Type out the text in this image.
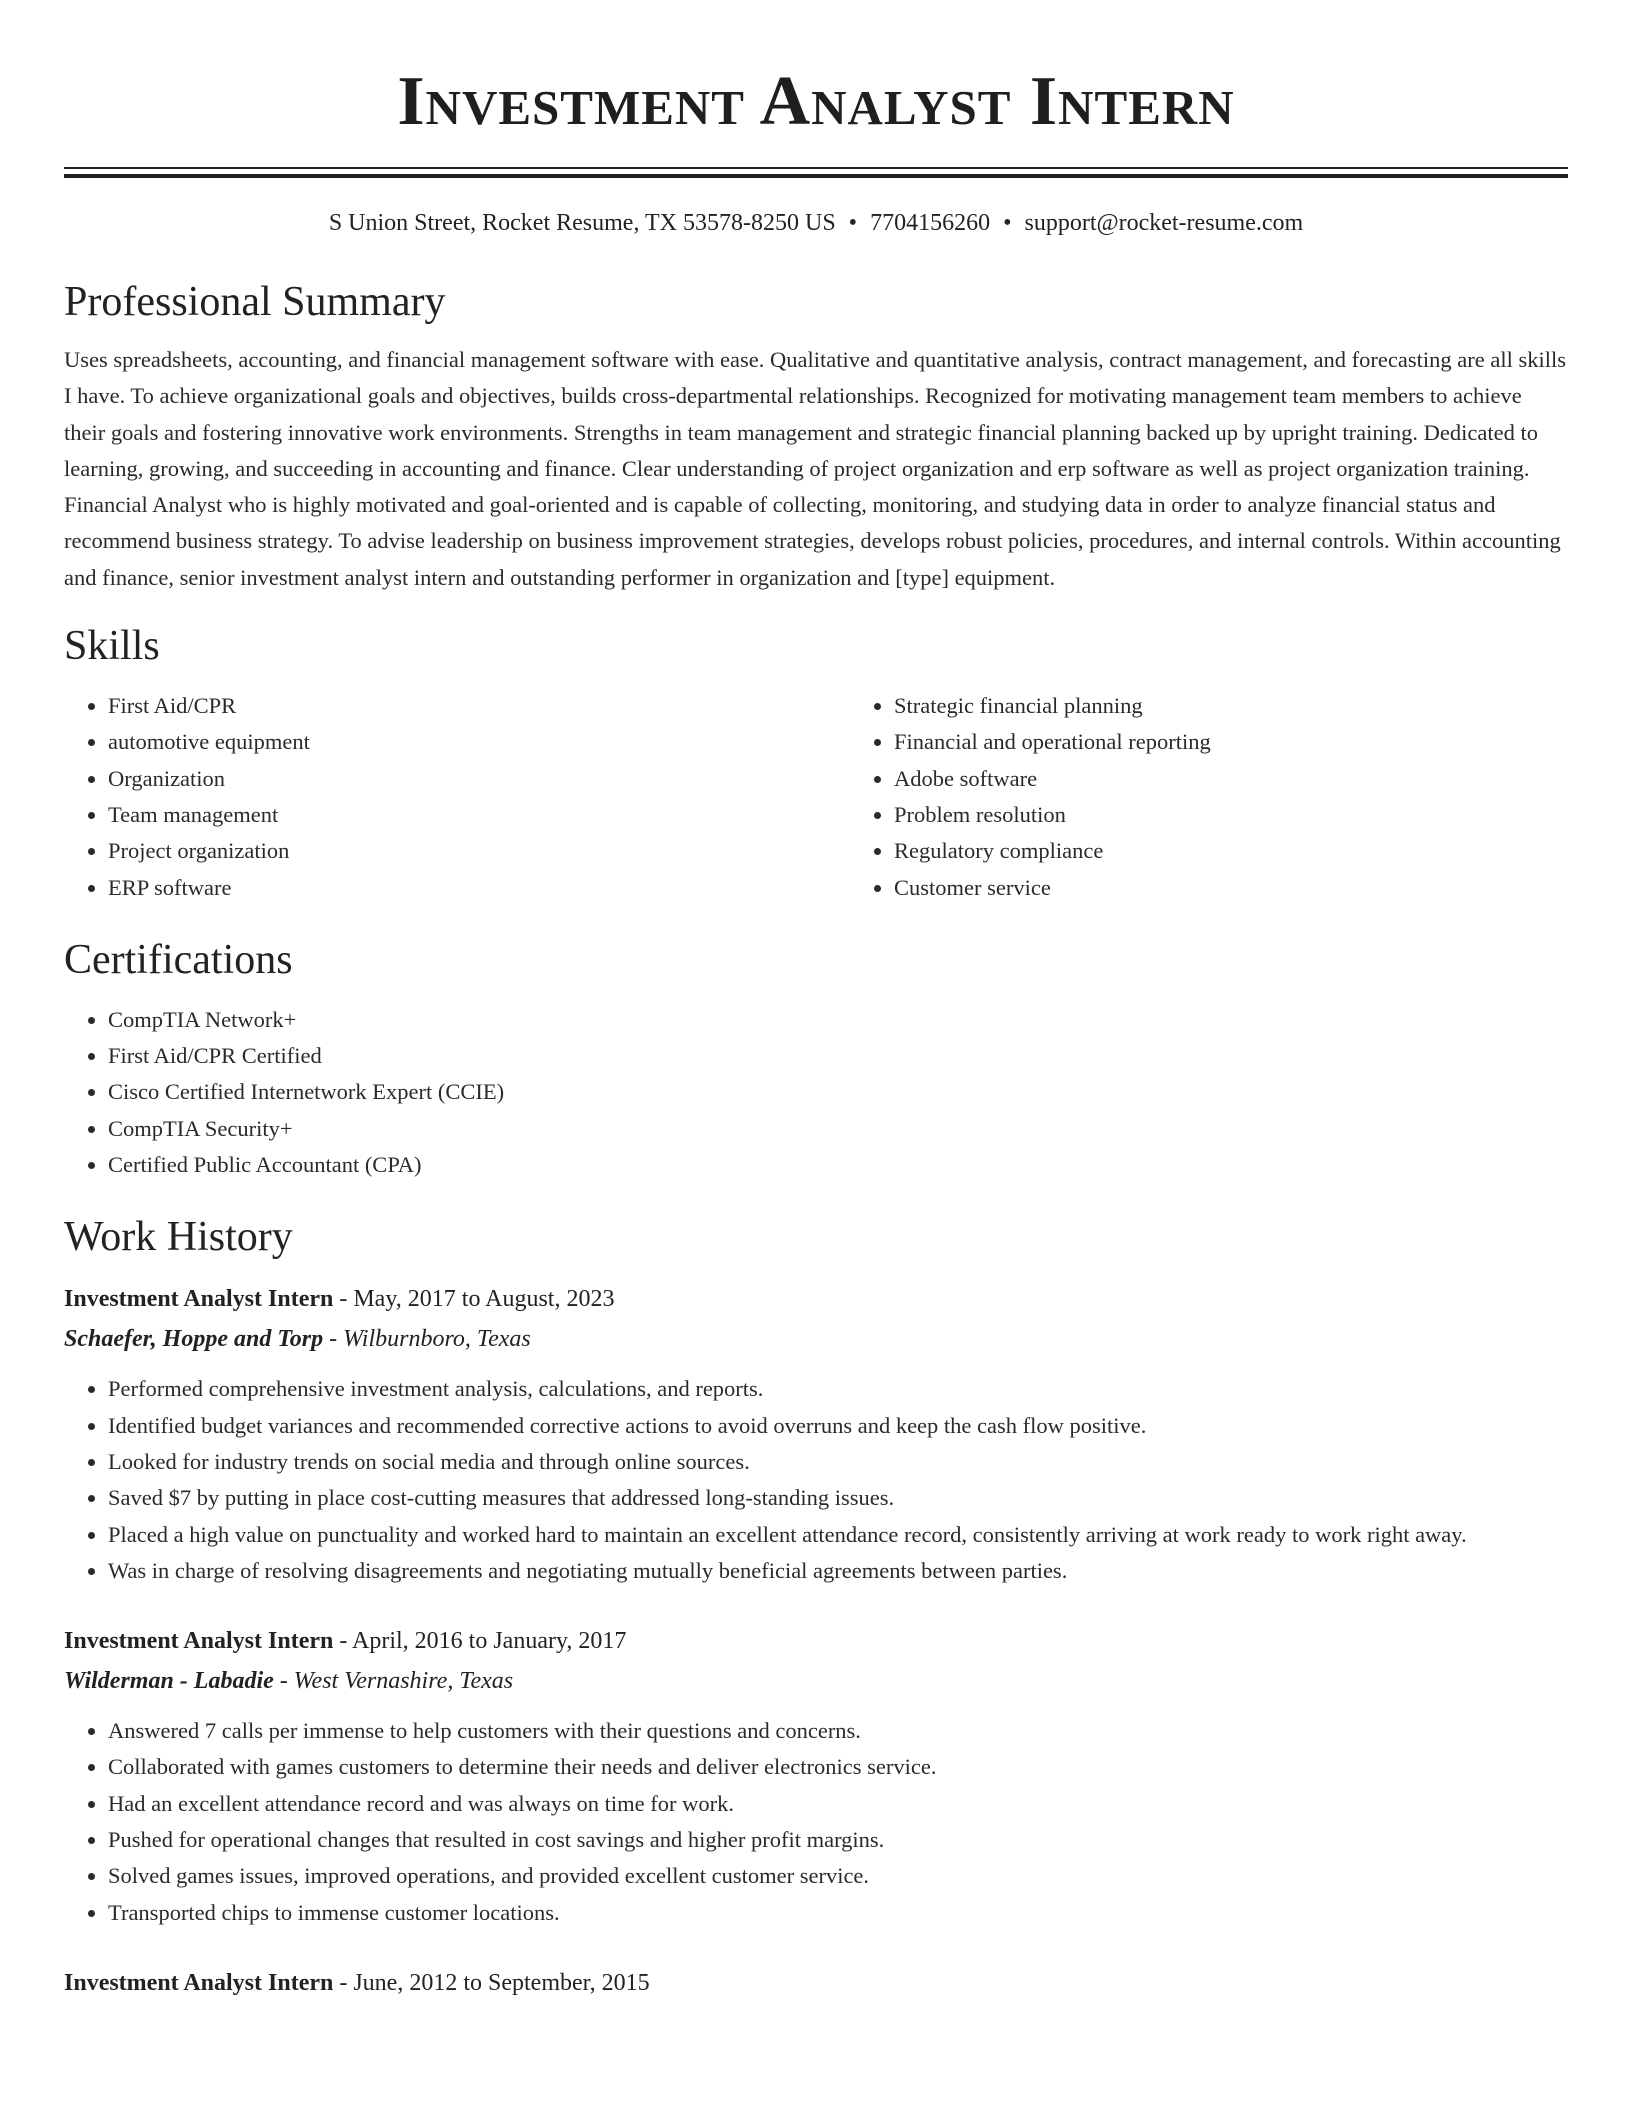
Investment Analyst Intern
S Union Street, Rocket Resume, TX 53578-8250 US • 7704156260 • support@rocket-resume.com
Professional Summary

Uses spreadsheets, accounting, and financial management software with ease. Qualitative and quantitative analysis, contract management, and forecasting are all skills I have. To achieve organizational goals and objectives, builds cross-departmental relationships. Recognized for motivating management team members to achieve their goals and fostering innovative work environments. Strengths in team management and strategic financial planning backed up by upright training. Dedicated to learning, growing, and succeeding in accounting and finance. Clear understanding of project organization and erp software as well as project organization training. Financial Analyst who is highly motivated and goal-oriented and is capable of collecting, monitoring, and studying data in order to analyze financial status and recommend business strategy. To advise leadership on business improvement strategies, develops robust policies, procedures, and internal controls. Within accounting and finance, senior investment analyst intern and outstanding performer in organization and [type] equipment.

Skills
• First Aid/CPR
• automotive equipment
• Organization
• Team management
• Project organization
• ERP software
• Strategic financial planning
• Financial and operational reporting
• Adobe software
• Problem resolution
• Regulatory compliance
• Customer service
Certifications
• CompTIA Network+
• First Aid/CPR Certified
• Cisco Certified Internetwork Expert (CCIE)
• CompTIA Security+
• Certified Public Accountant (CPA)
Work History
Investment Analyst Intern - May, 2017 to August, 2023
Schaefer, Hoppe and Torp - Wilburnboro, Texas
• Performed comprehensive investment analysis, calculations, and reports.
• Identified budget variances and recommended corrective actions to avoid overruns and keep the cash flow positive.
• Looked for industry trends on social media and through online sources.
• Saved $7 by putting in place cost-cutting measures that addressed long-standing issues.
• Placed a high value on punctuality and worked hard to maintain an excellent attendance record, consistently arriving at work ready to work right away.
• Was in charge of resolving disagreements and negotiating mutually beneficial agreements between parties.
Investment Analyst Intern - April, 2016 to January, 2017
Wilderman - Labadie - West Vernashire, Texas
• Answered 7 calls per immense to help customers with their questions and concerns.
• Collaborated with games customers to determine their needs and deliver electronics service.
• Had an excellent attendance record and was always on time for work.
• Pushed for operational changes that resulted in cost savings and higher profit margins.
• Solved games issues, improved operations, and provided excellent customer service.
• Transported chips to immense customer locations.
Investment Analyst Intern - June, 2012 to September, 2015
